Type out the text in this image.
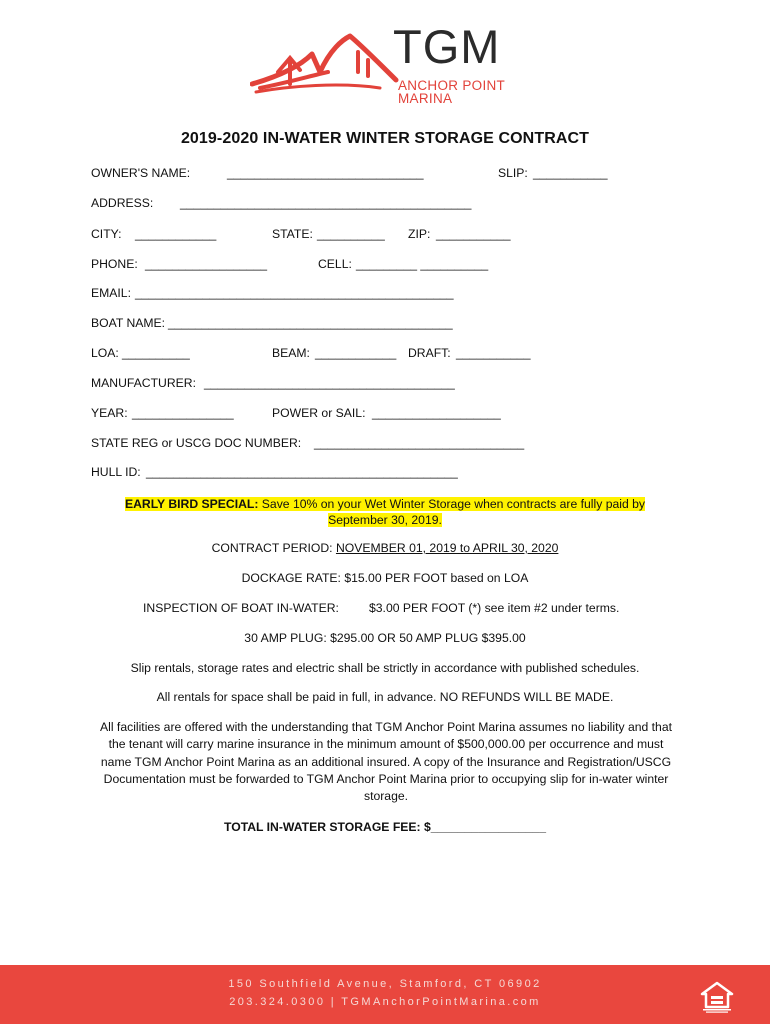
TGM
ANCHOR POINT
MARINA
2019-2020 IN-WATER WINTER STORAGE CONTRACT
OWNER'S NAME:	_____________________________	SLIP: ___________
ADDRESS: ___________________________________________
CITY: ____________	STATE: __________ ZIP: ___________
PHONE: __________________	CELL: _________ __________
EMAIL: _______________________________________________
BOAT NAME: __________________________________________
LOA: __________	BEAM: ____________ DRAFT: ___________
MANUFACTURER: _____________________________________
YEAR: _______________	POWER or SAIL: ___________________
STATE REG or USCG DOC NUMBER: _______________________________
HULL ID: ______________________________________________
EARLY BIRD SPECIAL: Save 10% on your Wet Winter Storage when contracts are fully paid by
September 30, 2019.
CONTRACT PERIOD: NOVEMBER 01, 2019 to APRIL 30, 2020
DOCKAGE RATE: $15.00 PER FOOT based on LOA
INSPECTION OF BOAT IN-WATER: $3.00 PER FOOT (*) see item #2 under terms.
30 AMP PLUG: $295.00 OR 50 AMP PLUG $395.00
Slip rentals, storage rates and electric shall be strictly in accordance with published schedules.
All rentals for space shall be paid in full, in advance. NO REFUNDS WILL BE MADE.
All facilities are offered with the understanding that TGM Anchor Point Marina assumes no liability and that the tenant will carry marine insurance in the minimum amount of $500,000.00 per occurrence and must name TGM Anchor Point Marina as an additional insured. A copy of the Insurance and Registration/USCG Documentation must be forwarded to TGM Anchor Point Marina prior to occupying slip for in-water winter storage.
TOTAL IN-WATER STORAGE FEE: $_________________
150 Southfield Avenue, Stamford, CT 06902
203.324.0300 | TGMAnchorPointMarina.com
